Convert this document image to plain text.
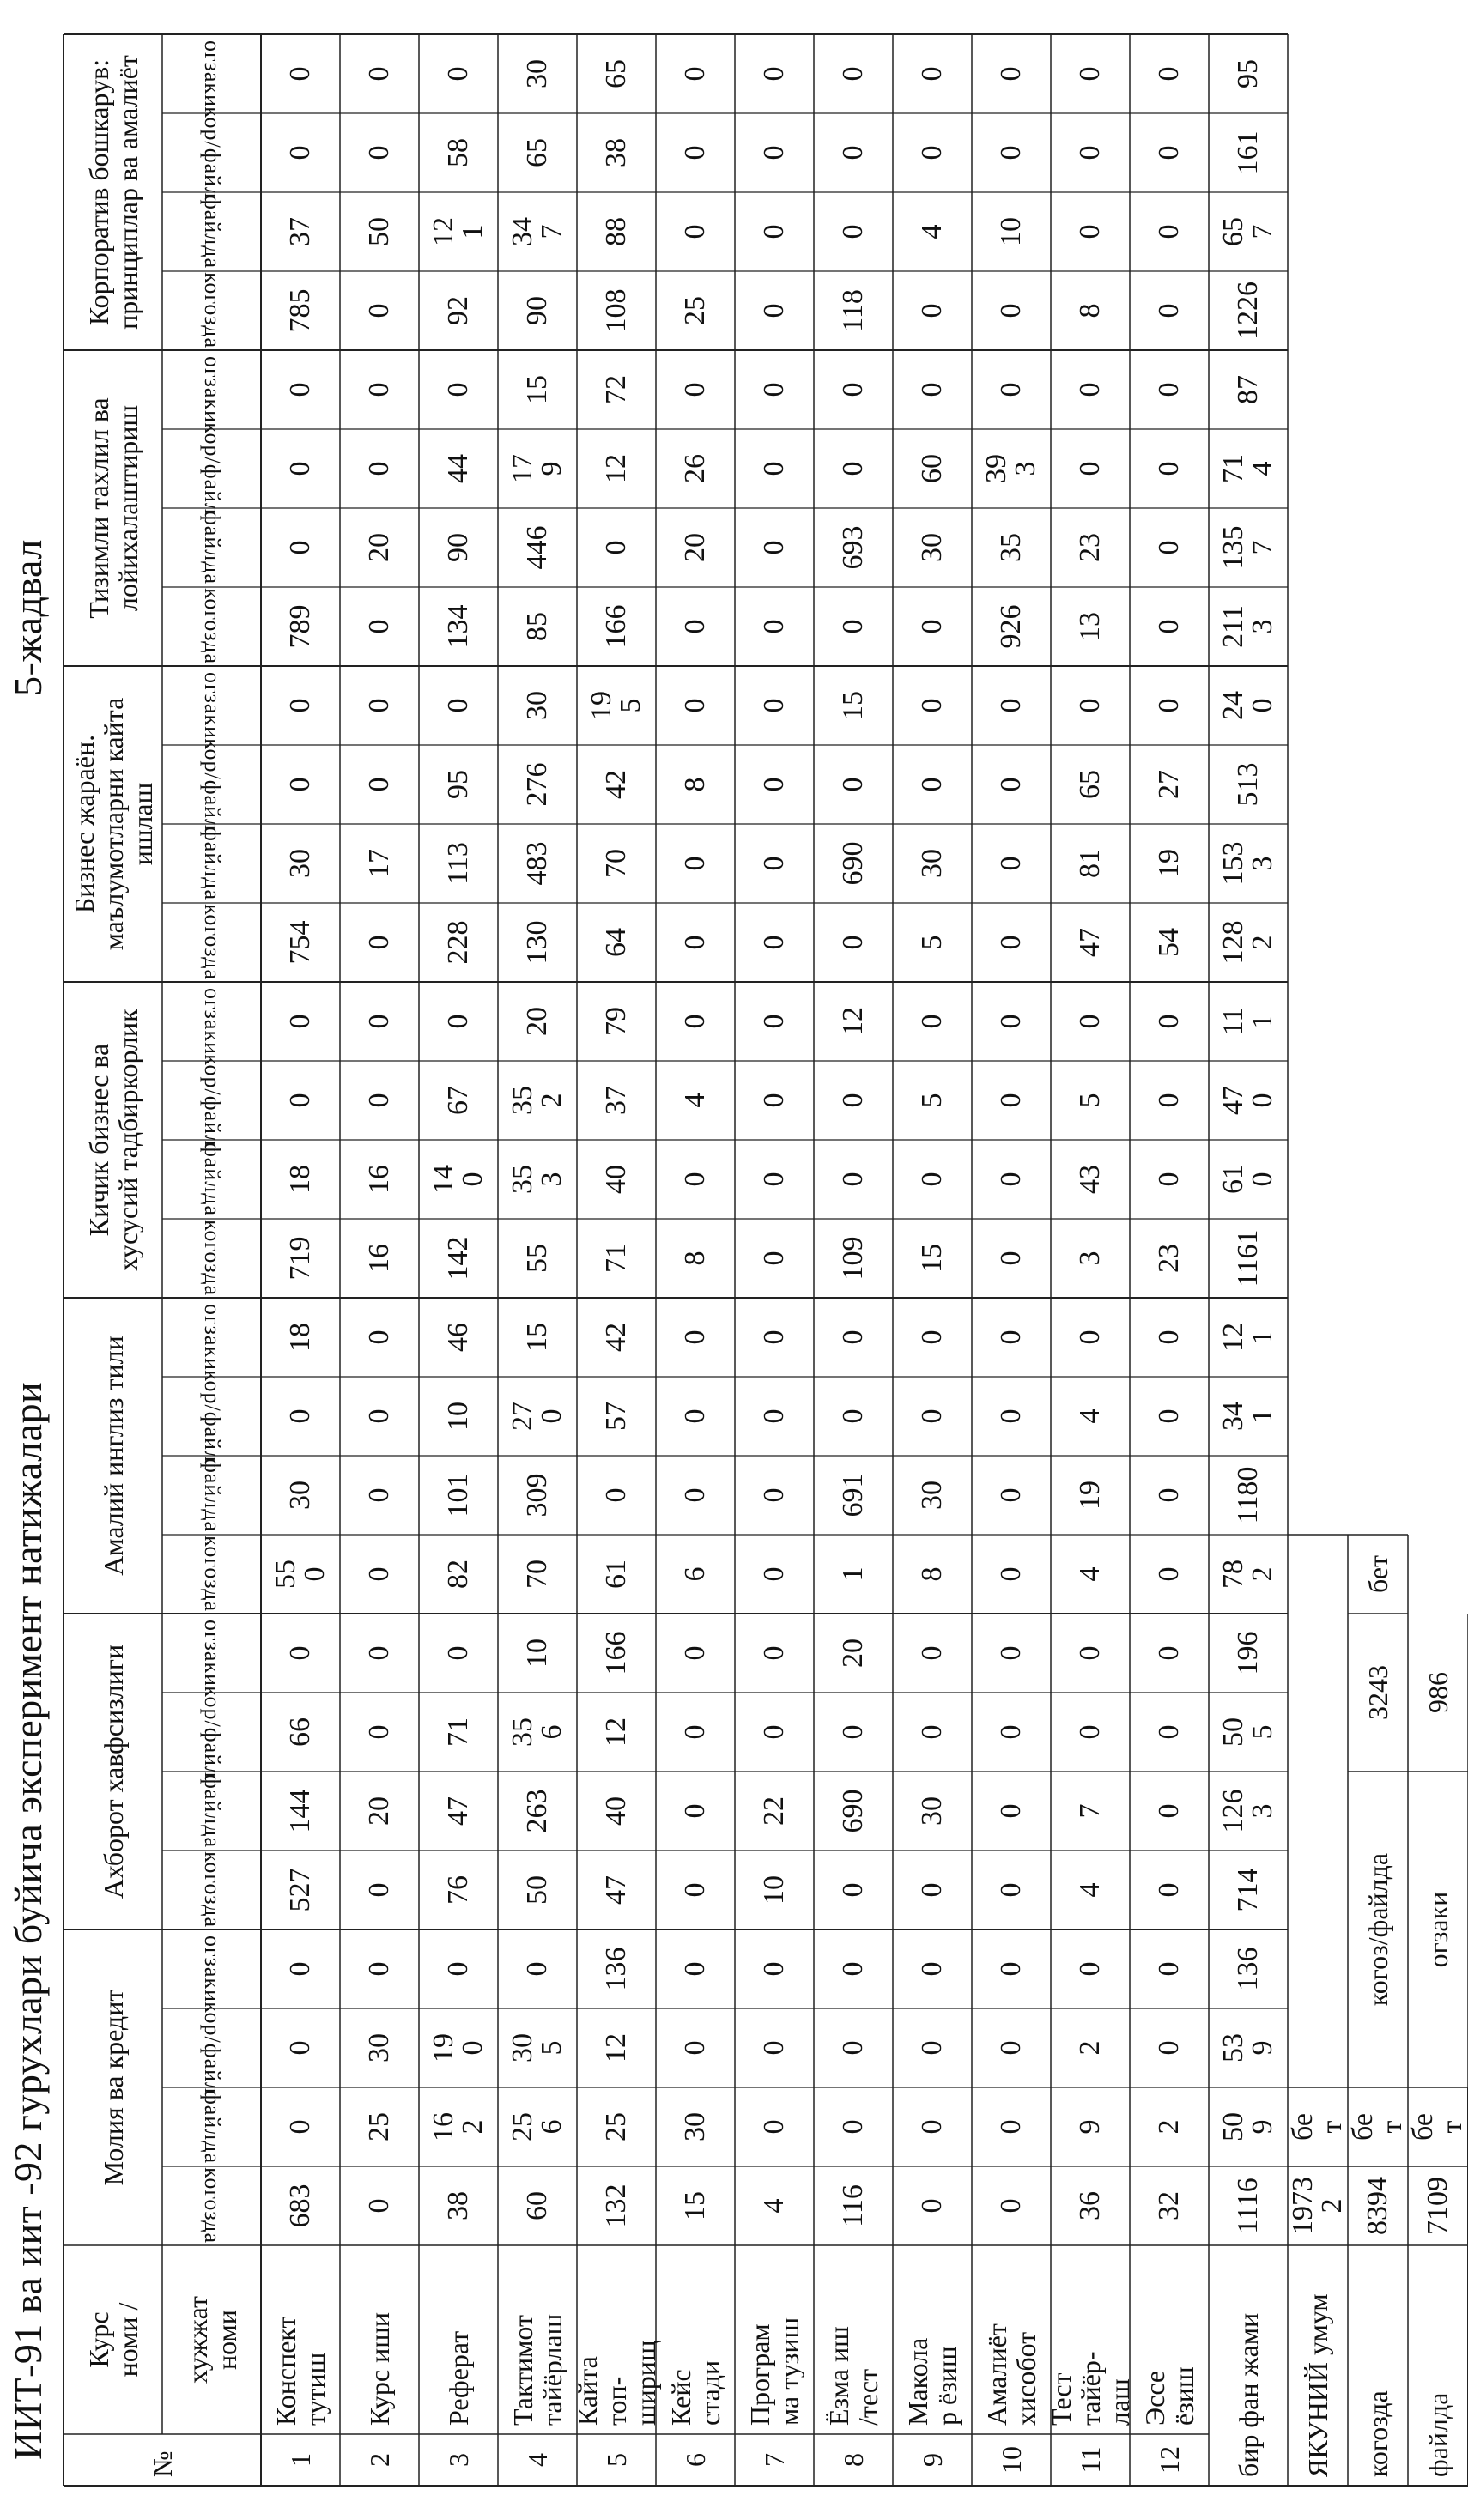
ИИТ-91 ва иит -92 гурухлари буйича эксперимент натижалари
5-жадвал
№
Курс
номи / хужжат
номи
Молия ва кредит
когозда
файлда
кор/файл
огзаки
Ахборот хавфсизлиги	когозда
файлда
кор/файл
огзаки
Амалий инглиз тили	когозда
файлда
кор/файл
огзаки
Кичик бизнес ва
хусусий тадбиркорлик
когозда
файлда
кор/файл
огзаки
Бизнес жараён.
маълумотларни кайта
ишлаш
когозда
файлда
кор/файл
огзаки
Тизимли тахлил ва
лойихалаштириш
когозда
файлда
кор/файл
огзаки
Корпоратив бошкарув:
принциплар ва амалиёт
когозда
файлда
кор/файл
огзаки
1
Конспект
тутиш
683
0
0
0
527
144
66
0
55
0
30
0
18
719
18
0
0
754
30
0
0
789
0
0
0
785
37
0
0
2
Курс иши
0
25
30
0
0
20
0
0
0
0
0
0
16
16
0
0
0
17
0
0
0
20
0
0
0
50
0
0
3
Реферат
38
16
2
19
0
0
76
47
71
0
82
101
10
46
142
14
0
67
0
228
113
95
0
134
90
44
0
92
12
1
58
0
4
Тактимот
тайёрлаш
60
25
6
30
5
0
50
263
35
6
10
70
309
27
0
15
55
35
3
35
2
20
130
483
276
30
85
446
17
9
15
90
34
7
65
30
5
Кайта
топ-
ширищ
132
25
12
136
47
40
12
166
61
0
57
42
71
40
37
79
64
70
42
19
5
166
0
12
72
108
88
38
65
6
Кейс
стади
15
30
0
0
0
0
0
0
6
0
0
0
8
0
4
0
0
0
8
0
0
20
26
0
25
0
0
0
7
Програм
ма тузиш
4
0
0
0
10
22
0
0
0
0
0
0
0
0
0
0
0
0
0
0
0
0
0
0
0
0
0
0
8
Ёзма иш
/тест
116
0
0
0
0
690
0
20
1
691
0
0
109
0
0
12
0
690
0
15
0
693
0
0
118
0
0
0
9
Макола
р ёзиш
0
0
0
0
0
30
0
0
8
30
0
0
15
0
5
0
5
30
0
0
0
30
60
0
0
4
0
0
10
Амалиёт
хисобот
0
0
0
0
0
0
0
0
0
0
0
0
0
0
0
0
0
0
0
0
926
35
39
3
0
0
10
0
0
11
Тест
тайёр-
лаш
36
9
2
0
4
7
0
0
4
19
4
0
3
43
5
0
47
81
65
0
13
23
0
0
8
0
0
0
12
Эссе
ёзиш
32
2
0
0
0
0
0
0
0
0
0
0
23
0
0
0
54
19
27
0
0
0
0
0
0
0
0
0
бир фан жами
1116
50
9
53
9
136
714
126
3
50
5
196
78
2
1180
34
1
12
1
1161
61
0
47
0
11
1
128
2
153
3
513
24
0
211
3
135
7
71
4
87
1226
65
7
161
95
ЯКУНИЙ умум
1973
2
бе
т
когозда
8394
бе
т
файлда
7109
бе
т
когоз/файлда
3243
бет
огзаки
986
